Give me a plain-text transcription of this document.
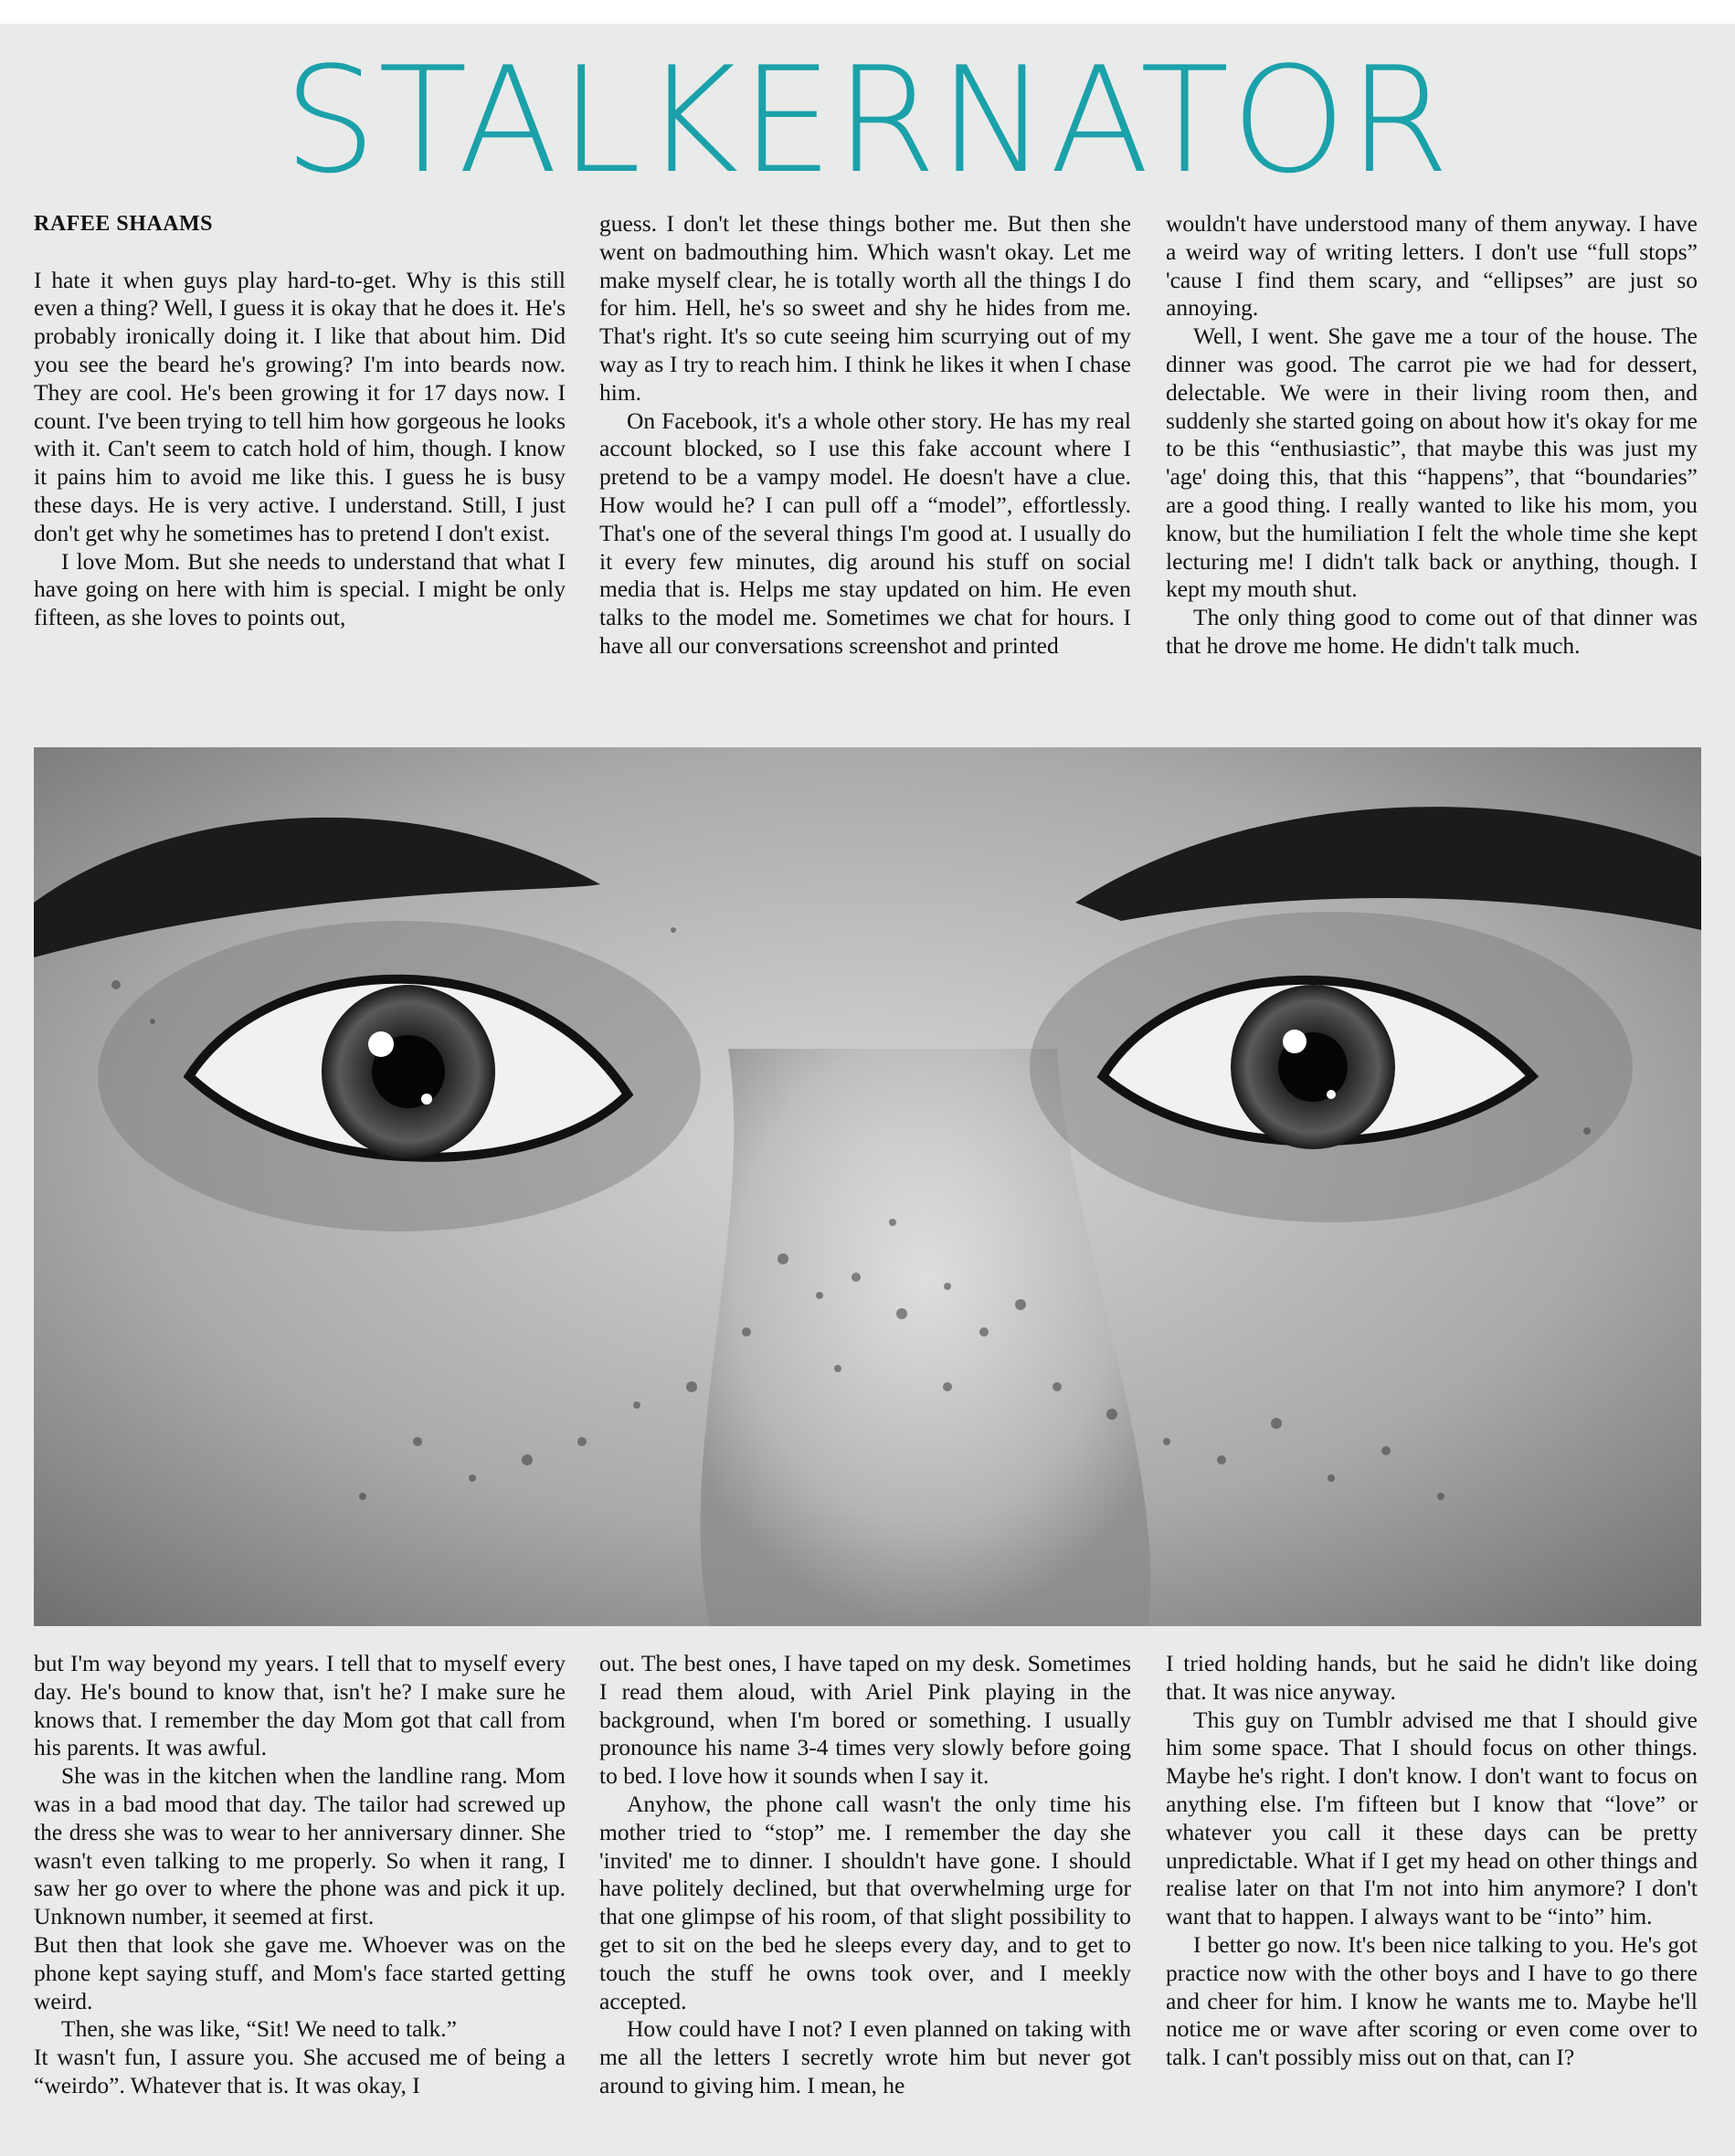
STALKERNATOR

RAFEE SHAAMS

I hate it when guys play hard-to-get. Why is this still even a thing? Well, I guess it is okay that he does it. He's probably ironically doing it. I like that about him. Did you see the beard he's growing? I'm into beards now. They are cool. He's been growing it for 17 days now. I count. I've been trying to tell him how gorgeous he looks with it. Can't seem to catch hold of him, though. I know it pains him to avoid me like this. I guess he is busy these days. He is very active. I understand. Still, I just don't get why he sometimes has to pretend I don't exist.

I love Mom. But she needs to understand that what I have going on here with him is special. I might be only fifteen, as she loves to points out,

guess. I don't let these things bother me. But then she went on badmouthing him. Which wasn't okay. Let me make myself clear, he is totally worth all the things I do for him. Hell, he's so sweet and shy he hides from me. That's right. It's so cute seeing him scurrying out of my way as I try to reach him. I think he likes it when I chase him.

On Facebook, it's a whole other story. He has my real account blocked, so I use this fake account where I pretend to be a vampy model. He doesn't have a clue. How would he? I can pull off a “model”, effortlessly. That's one of the several things I'm good at. I usually do it every few minutes, dig around his stuff on social media that is. Helps me stay updated on him. He even talks to the model me. Sometimes we chat for hours. I have all our conversations screenshot and printed

wouldn't have understood many of them anyway. I have a weird way of writing letters. I don't use “full stops” 'cause I find them scary, and “ellipses” are just so annoying.

Well, I went. She gave me a tour of the house. The dinner was good. The carrot pie we had for dessert, delectable. We were in their living room then, and suddenly she started going on about how it's okay for me to be this “enthusiastic”, that maybe this was just my 'age' doing this, that this “happens”, that “boundaries” are a good thing. I really wanted to like his mom, you know, but the humiliation I felt the whole time she kept lecturing me! I didn't talk back or anything, though. I kept my mouth shut.

The only thing good to come out of that dinner was that he drove me home. He didn't talk much.

but I'm way beyond my years. I tell that to myself every day. He's bound to know that, isn't he? I make sure he knows that. I remember the day Mom got that call from his parents. It was awful.

She was in the kitchen when the landline rang. Mom was in a bad mood that day. The tailor had screwed up the dress she was to wear to her anniversary dinner. She wasn't even talking to me properly. So when it rang, I saw her go over to where the phone was and pick it up. Unknown number, it seemed at first.

But then that look she gave me. Whoever was on the phone kept saying stuff, and Mom's face started getting weird.

Then, she was like, “Sit! We need to talk.”

It wasn't fun, I assure you. She accused me of being a “weirdo”. Whatever that is. It was okay, I

out. The best ones, I have taped on my desk. Sometimes I read them aloud, with Ariel Pink playing in the background, when I'm bored or something. I usually pronounce his name 3-4 times very slowly before going to bed. I love how it sounds when I say it.

Anyhow, the phone call wasn't the only time his mother tried to “stop” me. I remember the day she 'invited' me to dinner. I shouldn't have gone. I should have politely declined, but that overwhelming urge for that one glimpse of his room, of that slight possibility to get to sit on the bed he sleeps every day, and to get to touch the stuff he owns took over, and I meekly accepted.

How could have I not? I even planned on taking with me all the letters I secretly wrote him but never got around to giving him. I mean, he

I tried holding hands, but he said he didn't like doing that. It was nice anyway.

This guy on Tumblr advised me that I should give him some space. That I should focus on other things. Maybe he's right. I don't know. I don't want to focus on anything else. I'm fifteen but I know that “love” or whatever you call it these days can be pretty unpredictable. What if I get my head on other things and realise later on that I'm not into him anymore? I don't want that to happen. I always want to be “into” him.

I better go now. It's been nice talking to you. He's got practice now with the other boys and I have to go there and cheer for him. I know he wants me to. Maybe he'll notice me or wave after scoring or even come over to talk. I can't possibly miss out on that, can I?
